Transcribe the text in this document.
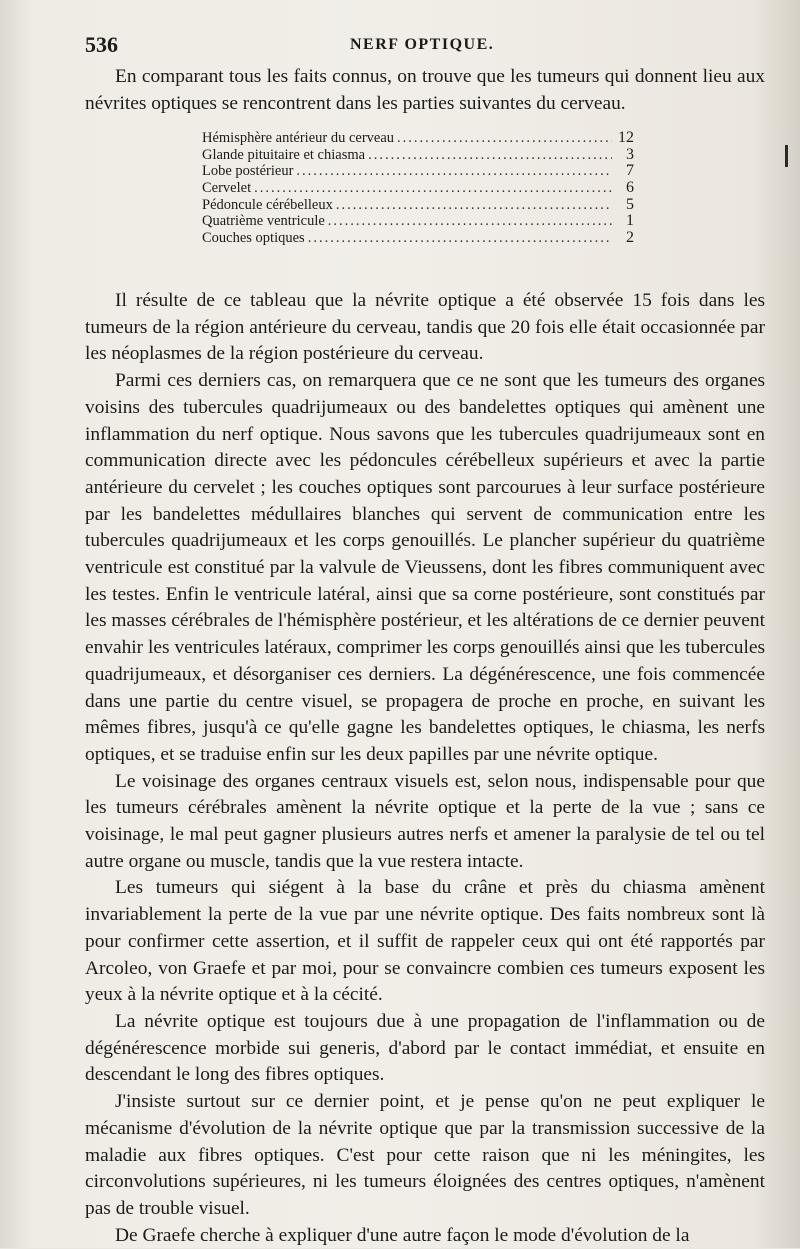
536	NERF OPTIQUE.

En comparant tous les faits connus, on trouve que les tumeurs qui donnent lieu aux névrites optiques se rencontrent dans les parties suivantes du cerveau.

Hémisphère antérieur du cerveau .....	12
Glande pituitaire et chiasma .....	3
Lobe postérieur .....	7
Cervelet .....	6
Pédoncule cérébelleux .....	5
Quatrième ventricule .....	1
Couches optiques .....	2

Il résulte de ce tableau que la névrite optique a été observée 15 fois dans les tumeurs de la région antérieure du cerveau, tandis que 20 fois elle était occasionnée par les néoplasmes de la région postérieure du cerveau.

Parmi ces derniers cas, on remarquera que ce ne sont que les tumeurs des organes voisins des tubercules quadrijumeaux ou des bandelettes optiques qui amènent une inflammation du nerf optique. Nous savons que les tubercules quadrijumeaux sont en communication directe avec les pédoncules cérébelleux supérieurs et avec la partie antérieure du cervelet ; les couches optiques sont parcourues à leur surface postérieure par les bandelettes médullaires blanches qui servent de communication entre les tubercules quadrijumeaux et les corps genouillés. Le plancher supérieur du quatrième ventricule est constitué par la valvule de Vieussens, dont les fibres communiquent avec les testes. Enfin le ventricule latéral, ainsi que sa corne postérieure, sont constitués par les masses cérébrales de l'hémisphère postérieur, et les altérations de ce dernier peuvent envahir les ventricules latéraux, comprimer les corps genouillés ainsi que les tubercules quadrijumeaux, et désorganiser ces derniers. La dégénérescence, une fois commencée dans une partie du centre visuel, se propagera de proche en proche, en suivant les mêmes fibres, jusqu'à ce qu'elle gagne les bandelettes optiques, le chiasma, les nerfs optiques, et se traduise enfin sur les deux papilles par une névrite optique.

Le voisinage des organes centraux visuels est, selon nous, indispensable pour que les tumeurs cérébrales amènent la névrite optique et la perte de la vue ; sans ce voisinage, le mal peut gagner plusieurs autres nerfs et amener la paralysie de tel ou tel autre organe ou muscle, tandis que la vue restera intacte.

Les tumeurs qui siégent à la base du crâne et près du chiasma amènent invariablement la perte de la vue par une névrite optique. Des faits nombreux sont là pour confirmer cette assertion, et il suffit de rappeler ceux qui ont été rapportés par Arcoleo, von Graefe et par moi, pour se convaincre combien ces tumeurs exposent les yeux à la névrite optique et à la cécité.

La névrite optique est toujours due à une propagation de l'inflammation ou de dégénérescence morbide sui generis, d'abord par le contact immédiat, et ensuite en descendant le long des fibres optiques.

J'insiste surtout sur ce dernier point, et je pense qu'on ne peut expliquer le mécanisme d'évolution de la névrite optique que par la transmission successive de la maladie aux fibres optiques. C'est pour cette raison que ni les méningites, les circonvolutions supérieures, ni les tumeurs éloignées des centres optiques, n'amènent pas de trouble visuel.

De Graefe cherche à expliquer d'une autre façon le mode d'évolution de la
